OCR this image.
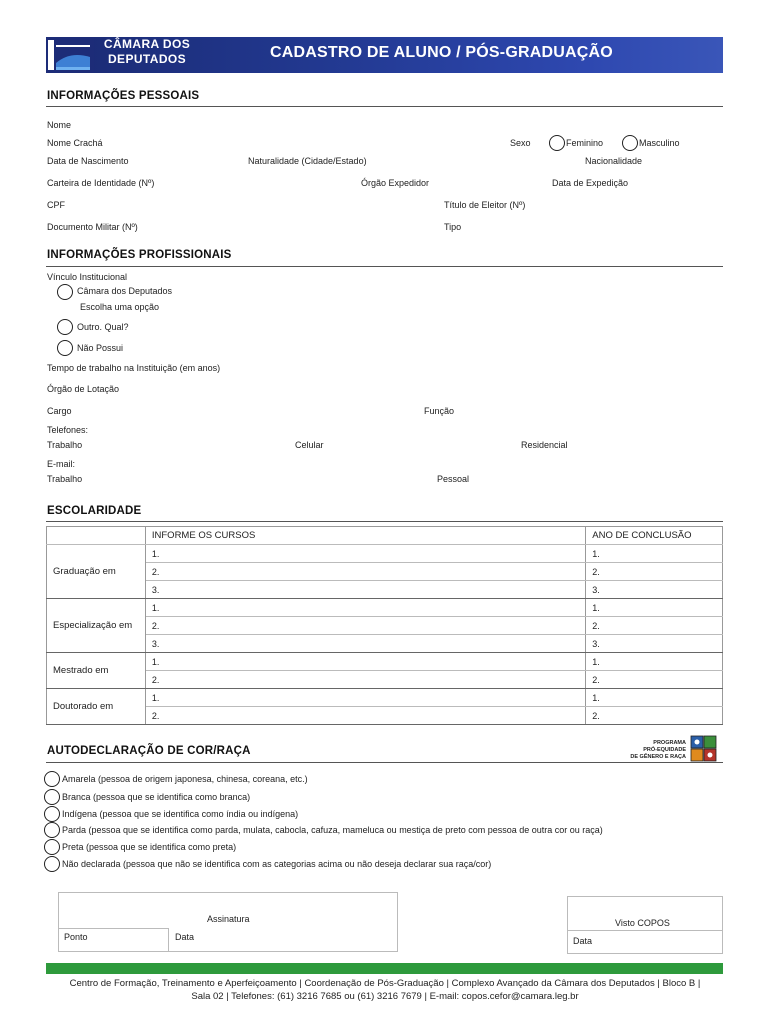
CÂMARA DOS
DEPUTADOS	CADASTRO DE ALUNO / PÓS-GRADUAÇÃO
INFORMAÇÕES PESSOAIS
Nome
Nome Crachá	Sexo	Feminino	Masculino
Data de Nascimento	Naturalidade (Cidade/Estado)	Nacionalidade
Carteira de Identidade (Nº)	Órgão Expedidor	Data de Expedição
CPF	Título de Eleitor (Nº)
Documento Militar (Nº)	Tipo
INFORMAÇÕES PROFISSIONAIS
Vínculo Institucional
Câmara dos Deputados
Escolha uma opção
Outro. Qual?
Não Possui
Tempo de trabalho na Instituição (em anos)
Órgão de Lotação
Cargo	Função
Telefones:
Trabalho	Celular	Residencial
E-mail:
Trabalho	Pessoal
ESCOLARIDADE
	INFORME OS CURSOS	ANO DE CONCLUSÃO
Graduação em	1.	1.
	2.	2.
	3.	3.
Especialização em	1.	1.
	2.	2.
	3.	3.
Mestrado em	1.	1.
	2.	2.
Doutorado em	1.	1.
	2.	2.
AUTODECLARAÇÃO DE COR/RAÇA
PROGRAMA
PRÓ-EQUIDADE
DE GÊNERO E RAÇA
Amarela (pessoa de origem japonesa, chinesa, coreana, etc.)
Branca (pessoa que se identifica como branca)
Indígena (pessoa que se identifica como índia ou indígena)
Parda (pessoa que se identifica como parda, mulata, cabocla, cafuza, mameluca ou mestiça de preto com pessoa de outra cor ou raça)
Preta (pessoa que se identifica como preta)
Não declarada (pessoa que não se identifica com as categorias acima ou não deseja declarar sua raça/cor)
Assinatura
Ponto	Data
Visto COPOS
Data
Centro de Formação, Treinamento e Aperfeiçoamento | Coordenação de Pós-Graduação | Complexo Avançado da Câmara dos Deputados | Bloco B |
Sala 02 | Telefones: (61) 3216 7685 ou (61) 3216 7679 | E-mail: copos.cefor@camara.leg.br
